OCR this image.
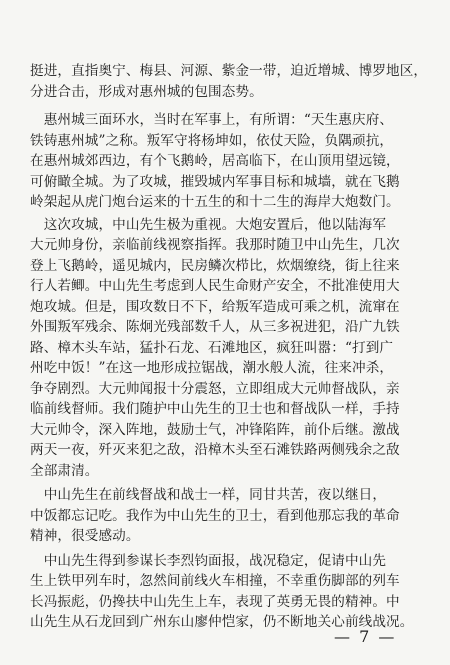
挺进，直指奥宁、梅县、河源、紫金一带，迫近增城、博罗地区，

分进合击，形成对惠州城的包围态势。

　惠州城三面环水，当时在军事上，有所谓：“天生惠庆府、

铁铸惠州城”之称。叛军守将杨坤如，依仗天险，负隅顽抗，

在惠州城郊西边，有个飞鹅岭，居高临下，在山顶用望远镜，

可俯瞰全城。为了攻城，摧毁城内军事目标和城墙，就在飞鹅

岭架起从虎门炮台运来的十五生的和十二生的海岸大炮数门。

　这次攻城，中山先生极为重视。大炮安置后，他以陆海军

大元帅身份，亲临前线视察指挥。我那时随卫中山先生，几次

登上飞鹅岭，遥见城内，民房鳞次栉比，炊烟缭绕，街上往来

行人若鲫。中山先生考虑到人民生命财产安全，不批准使用大

炮攻城。但是，围攻数日不下，给叛军造成可乘之机，流窜在

外围叛军残余、陈炯光残部数千人，从三多祝进犯，沿广九铁

路、樟木头车站，猛扑石龙、石滩地区，疯狂叫嚣：“打到广

州吃中饭！”在这一地形成拉锯战，潮水般人流，往来冲杀，

争夺剧烈。大元帅闻报十分震怒，立即组成大元帅督战队，亲

临前线督师。我们随护中山先生的卫士也和督战队一样，手持

大元帅令，深入阵地，鼓励士气，冲锋陷阵，前仆后继。激战

两天一夜，歼灭来犯之敌，沿樟木头至石滩铁路两侧残余之敌

全部肃清。

　中山先生在前线督战和战士一样，同甘共苦，夜以继日，

中饭都忘记吃。我作为中山先生的卫士，看到他那忘我的革命

精神，很受感动。

　中山先生得到参谋长李烈钧面报，战况稳定，促请中山先

生上铁甲列车时，忽然间前线火车相撞，不幸重伤脚部的列车

长冯振彪，仍搀扶中山先生上车，表现了英勇无畏的精神。中

山先生从石龙回到广州东山廖仲恺家，仍不断地关心前线战况。

— 7 —
